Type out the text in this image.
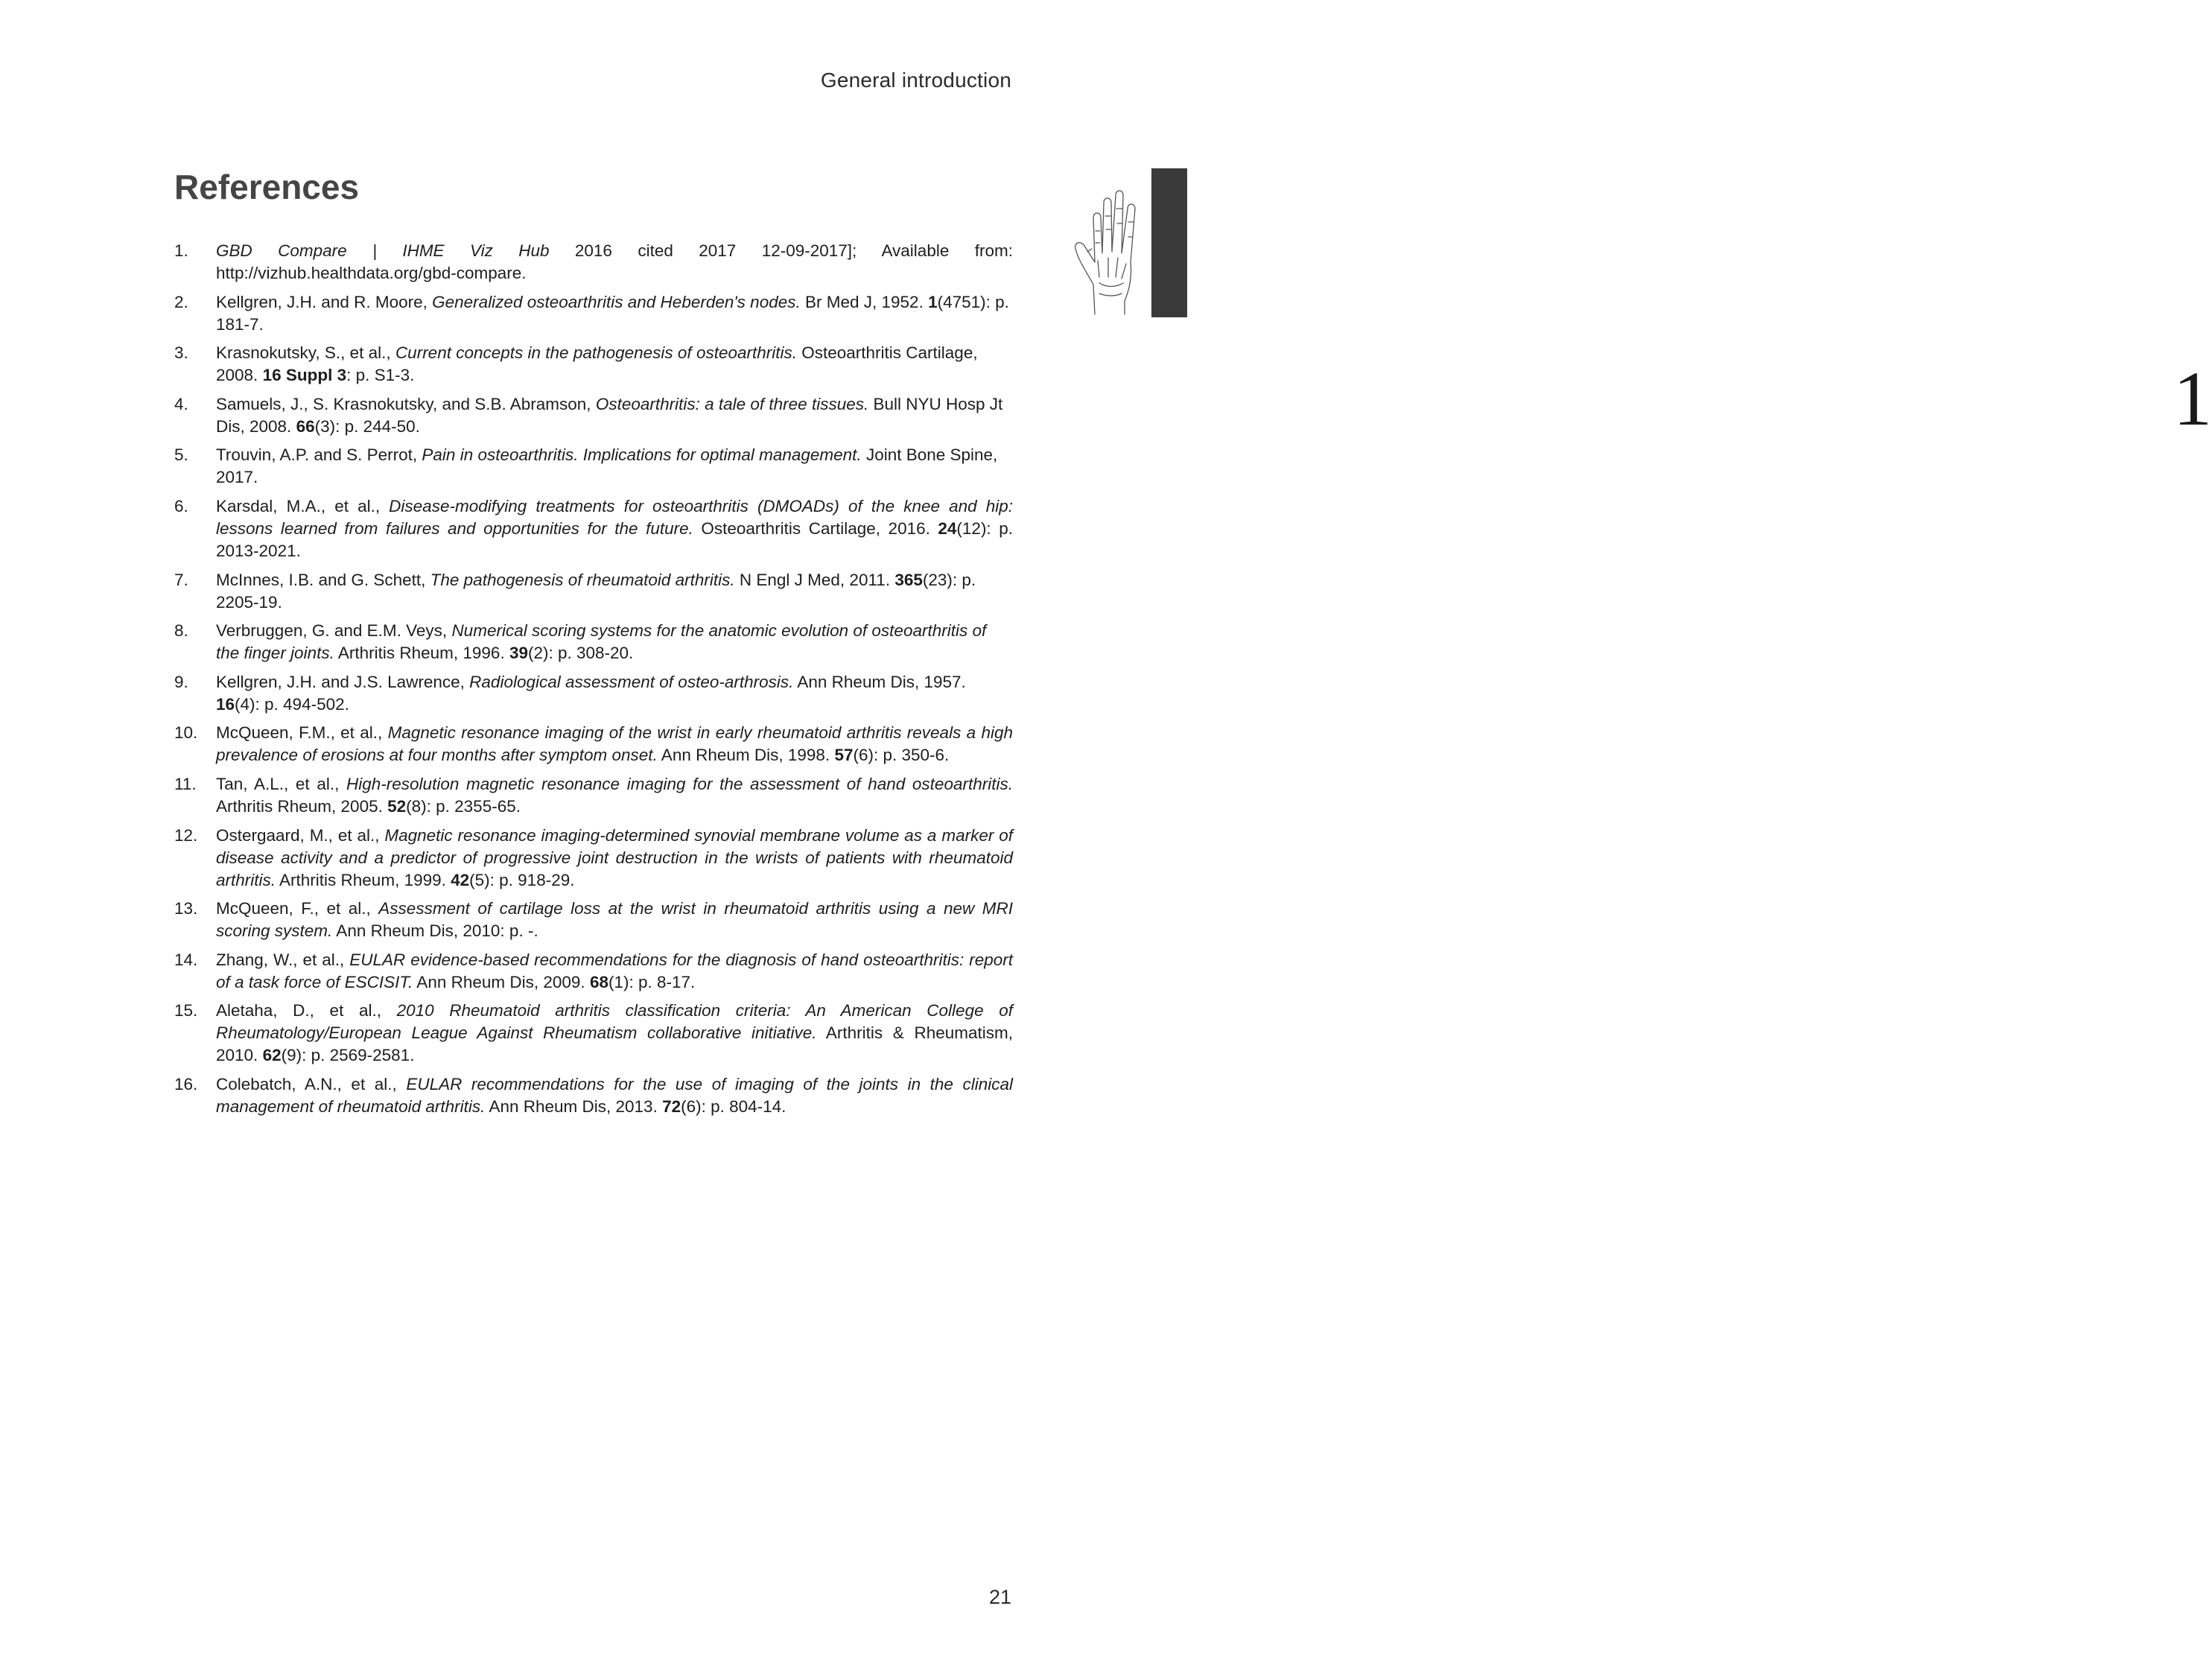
General introduction
References
1
1. GBD Compare | IHME Viz Hub 2016 cited 2017 12-09-2017]; Available from: http://vizhub.healthdata.org/gbd-compare.
2. Kellgren, J.H. and R. Moore, Generalized osteoarthritis and Heberden's nodes. Br Med J, 1952. 1(4751): p. 181-7.
3. Krasnokutsky, S., et al., Current concepts in the pathogenesis of osteoarthritis. Osteoarthritis Cartilage, 2008. 16 Suppl 3: p. S1-3.
4. Samuels, J., S. Krasnokutsky, and S.B. Abramson, Osteoarthritis: a tale of three tissues. Bull NYU Hosp Jt Dis, 2008. 66(3): p. 244-50.
5. Trouvin, A.P. and S. Perrot, Pain in osteoarthritis. Implications for optimal management. Joint Bone Spine, 2017.
6. Karsdal, M.A., et al., Disease-modifying treatments for osteoarthritis (DMOADs) of the knee and hip: lessons learned from failures and opportunities for the future. Osteoarthritis Cartilage, 2016. 24(12): p. 2013-2021.
7. McInnes, I.B. and G. Schett, The pathogenesis of rheumatoid arthritis. N Engl J Med, 2011. 365(23): p. 2205-19.
8. Verbruggen, G. and E.M. Veys, Numerical scoring systems for the anatomic evolution of osteoarthritis of the finger joints. Arthritis Rheum, 1996. 39(2): p. 308-20.
9. Kellgren, J.H. and J.S. Lawrence, Radiological assessment of osteo-arthrosis. Ann Rheum Dis, 1957. 16(4): p. 494-502.
10. McQueen, F.M., et al., Magnetic resonance imaging of the wrist in early rheumatoid arthritis reveals a high prevalence of erosions at four months after symptom onset. Ann Rheum Dis, 1998. 57(6): p. 350-6.
11. Tan, A.L., et al., High-resolution magnetic resonance imaging for the assessment of hand osteoarthritis. Arthritis Rheum, 2005. 52(8): p. 2355-65.
12. Ostergaard, M., et al., Magnetic resonance imaging-determined synovial membrane volume as a marker of disease activity and a predictor of progressive joint destruction in the wrists of patients with rheumatoid arthritis. Arthritis Rheum, 1999. 42(5): p. 918-29.
13. McQueen, F., et al., Assessment of cartilage loss at the wrist in rheumatoid arthritis using a new MRI scoring system. Ann Rheum Dis, 2010: p. -.
14. Zhang, W., et al., EULAR evidence-based recommendations for the diagnosis of hand osteoarthritis: report of a task force of ESCISIT. Ann Rheum Dis, 2009. 68(1): p. 8-17.
15. Aletaha, D., et al., 2010 Rheumatoid arthritis classification criteria: An American College of Rheumatology/European League Against Rheumatism collaborative initiative. Arthritis & Rheumatism, 2010. 62(9): p. 2569-2581.
16. Colebatch, A.N., et al., EULAR recommendations for the use of imaging of the joints in the clinical management of rheumatoid arthritis. Ann Rheum Dis, 2013. 72(6): p. 804-14.
21
